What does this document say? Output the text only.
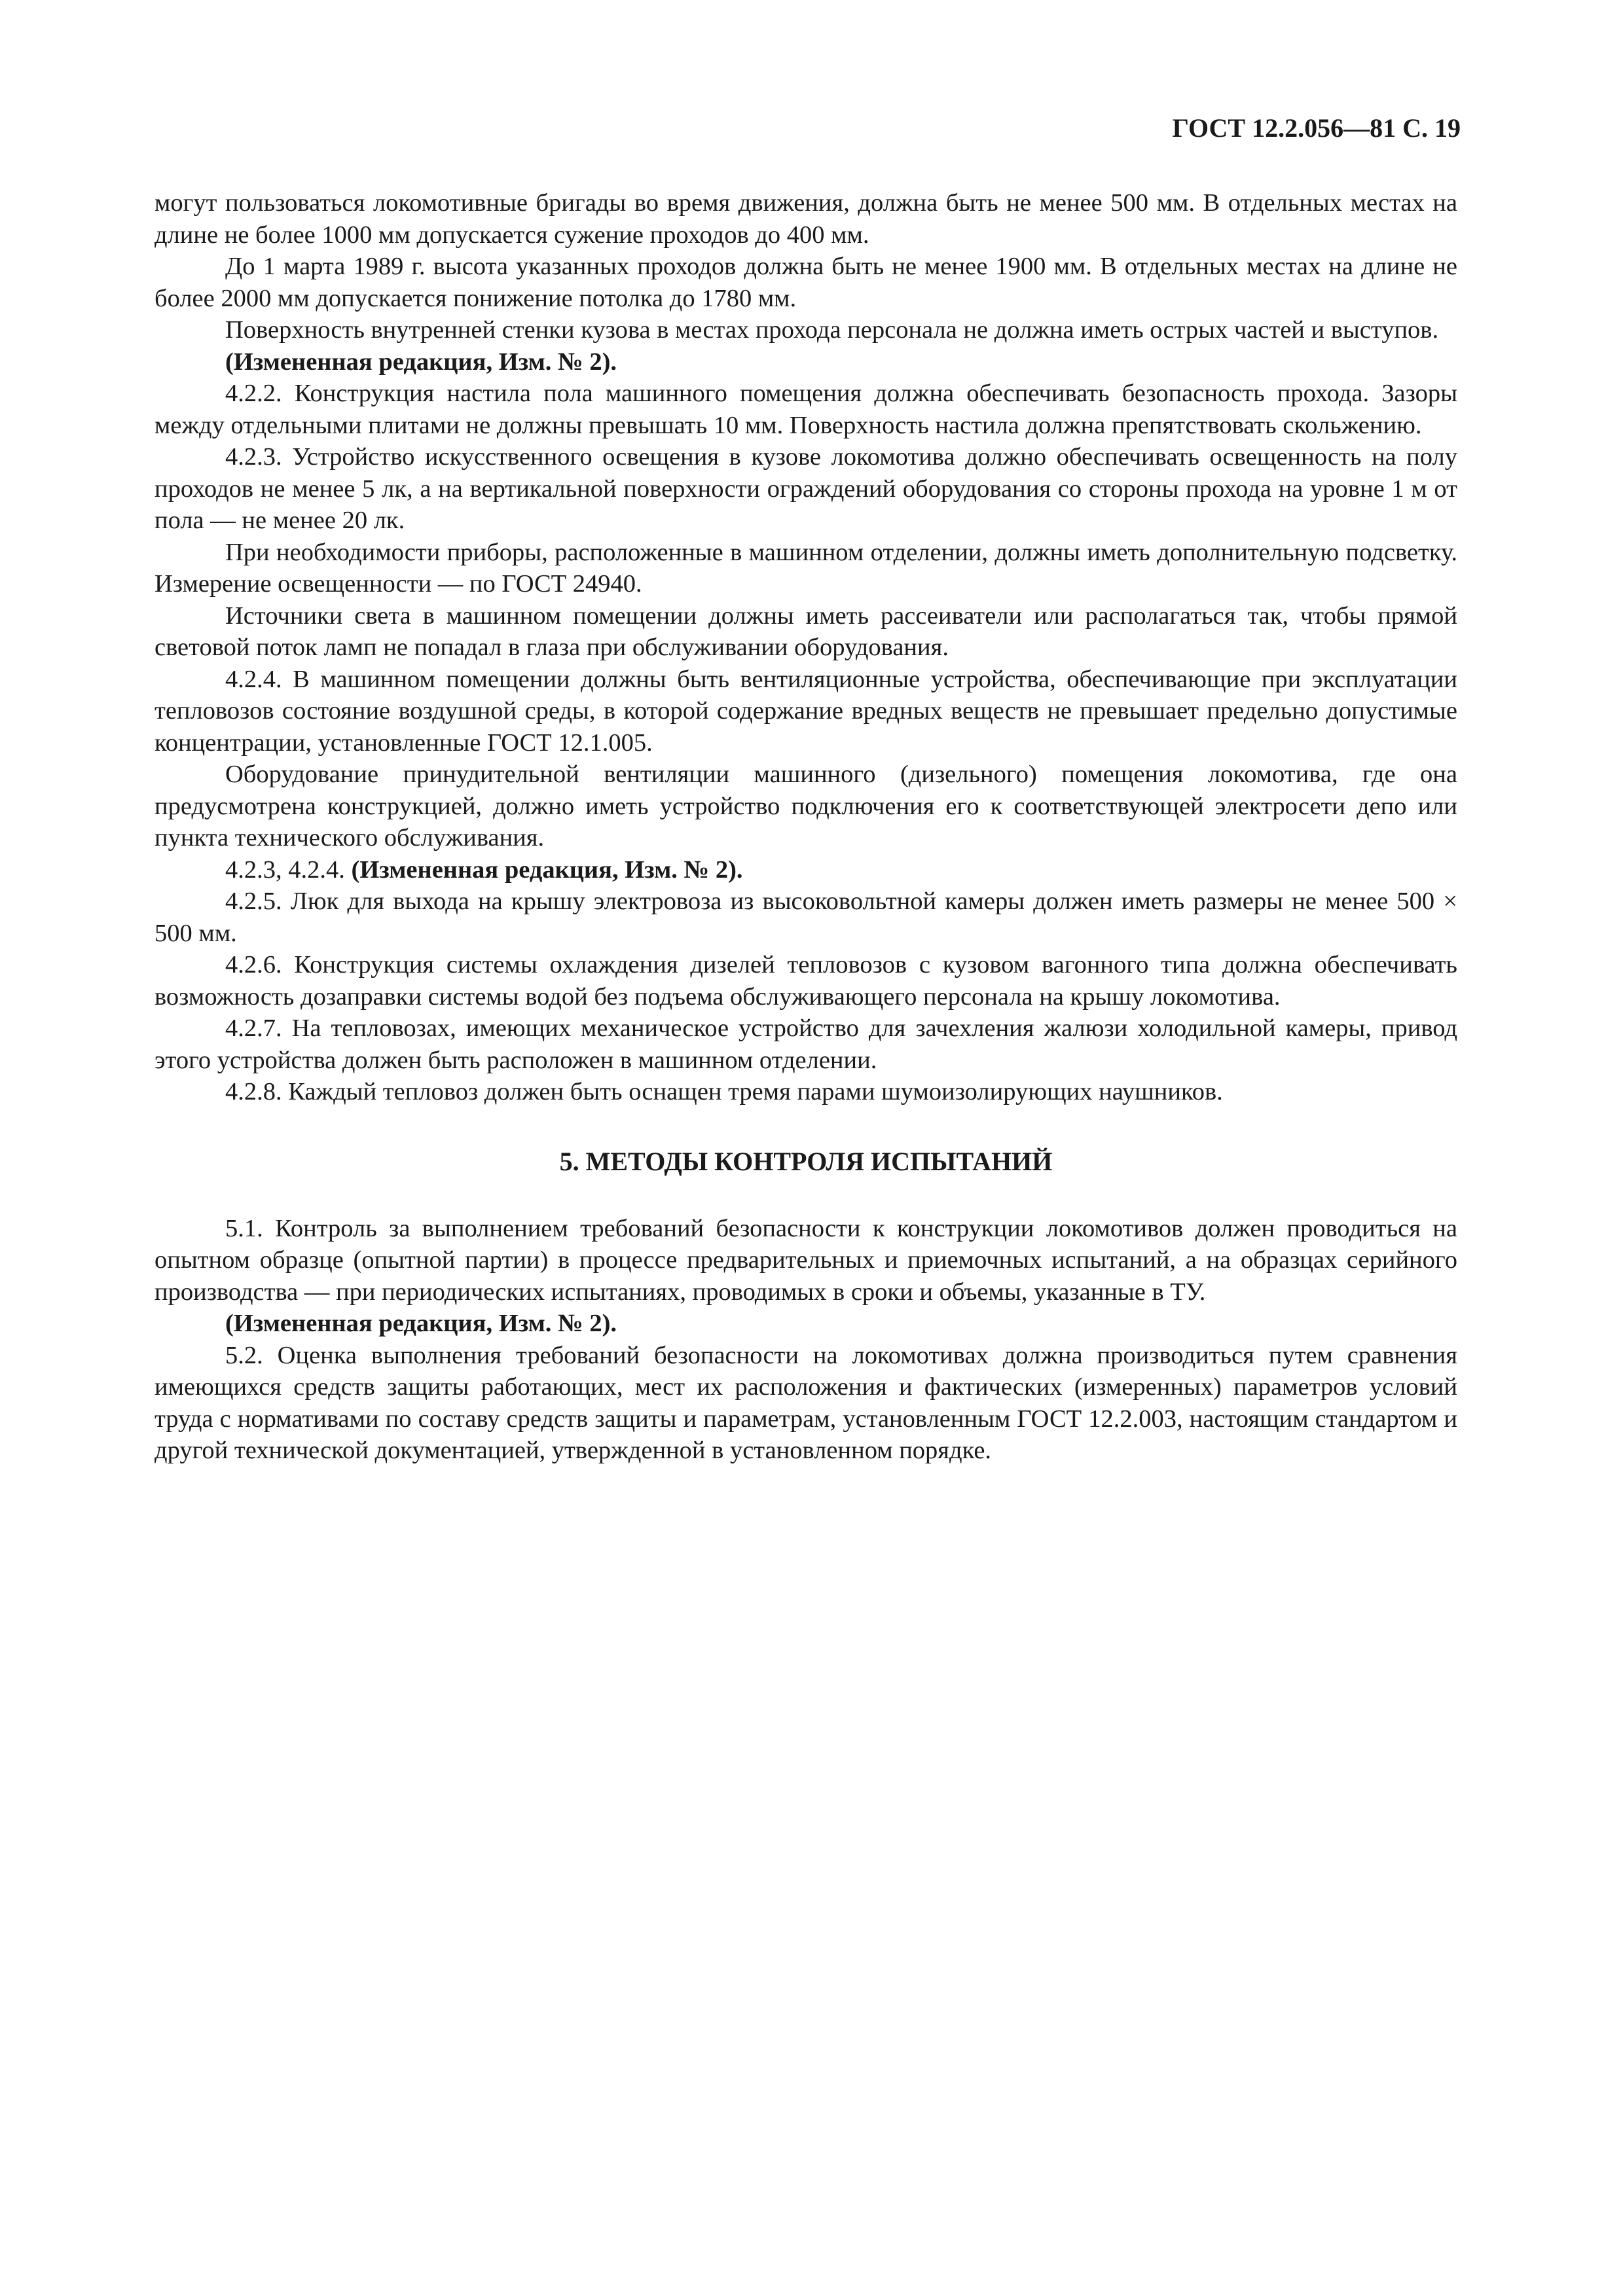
ГОСТ 12.2.056—81 С. 19

могут пользоваться локомотивные бригады во время движения, должна быть не менее 500 мм. В отдельных местах на длине не более 1000 мм допускается сужение проходов до 400 мм.

До 1 марта 1989 г. высота указанных проходов должна быть не менее 1900 мм. В отдельных местах на длине не более 2000 мм допускается понижение потолка до 1780 мм.

Поверхность внутренней стенки кузова в местах прохода персонала не должна иметь острых частей и выступов.

(Измененная редакция, Изм. № 2).

4.2.2. Конструкция настила пола машинного помещения должна обеспечивать безопасность прохода. Зазоры между отдельными плитами не должны превышать 10 мм. Поверхность настила должна препятствовать скольжению.

4.2.3. Устройство искусственного освещения в кузове локомотива должно обеспечивать освещенность на полу проходов не менее 5 лк, а на вертикальной поверхности ограждений оборудования со стороны прохода на уровне 1 м от пола — не менее 20 лк.

При необходимости приборы, расположенные в машинном отделении, должны иметь дополнительную подсветку. Измерение освещенности — по ГОСТ 24940.

Источники света в машинном помещении должны иметь рассеиватели или располагаться так, чтобы прямой световой поток ламп не попадал в глаза при обслуживании оборудования.

4.2.4. В машинном помещении должны быть вентиляционные устройства, обеспечивающие при эксплуатации тепловозов состояние воздушной среды, в которой содержание вредных веществ не превышает предельно допустимые концентрации, установленные ГОСТ 12.1.005.

Оборудование принудительной вентиляции машинного (дизельного) помещения локомотива, где она предусмотрена конструкцией, должно иметь устройство подключения его к соответствующей электросети депо или пункта технического обслуживания.

4.2.3, 4.2.4. (Измененная редакция, Изм. № 2).

4.2.5. Люк для выхода на крышу электровоза из высоковольтной камеры должен иметь размеры не менее 500 × 500 мм.

4.2.6. Конструкция системы охлаждения дизелей тепловозов с кузовом вагонного типа должна обеспечивать возможность дозаправки системы водой без подъема обслуживающего персонала на крышу локомотива.

4.2.7. На тепловозах, имеющих механическое устройство для зачехления жалюзи холодильной камеры, привод этого устройства должен быть расположен в машинном отделении.

4.2.8. Каждый тепловоз должен быть оснащен тремя парами шумоизолирующих наушников.

5. МЕТОДЫ КОНТРОЛЯ ИСПЫТАНИЙ

5.1. Контроль за выполнением требований безопасности к конструкции локомотивов должен проводиться на опытном образце (опытной партии) в процессе предварительных и приемочных испытаний, а на образцах серийного производства — при периодических испытаниях, проводимых в сроки и объемы, указанные в ТУ.

(Измененная редакция, Изм. № 2).

5.2. Оценка выполнения требований безопасности на локомотивах должна производиться путем сравнения имеющихся средств защиты работающих, мест их расположения и фактических (измеренных) параметров условий труда с нормативами по составу средств защиты и параметрам, установленным ГОСТ 12.2.003, настоящим стандартом и другой технической документацией, утвержденной в установленном порядке.
